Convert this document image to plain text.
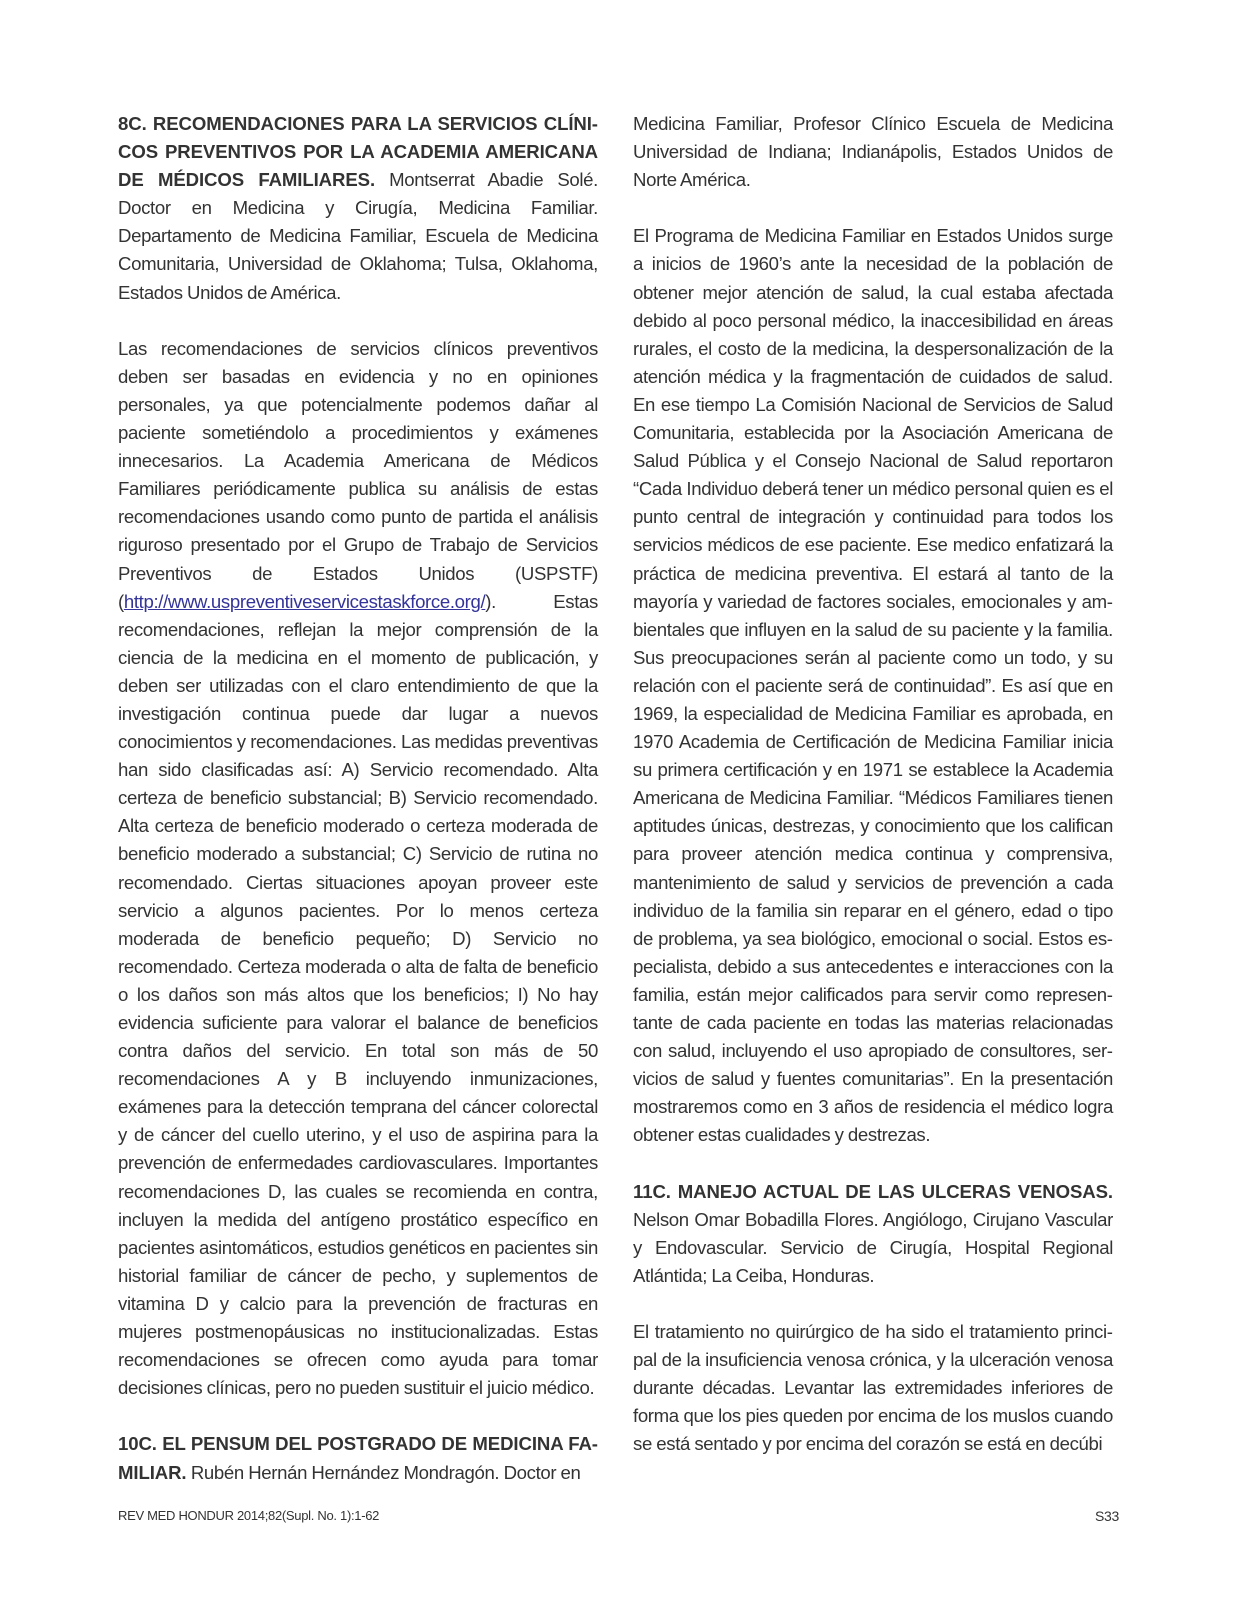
8C. RECOMENDACIONES PARA LA SERVICIOS CLÍNICOS PREVENTIVOS POR LA ACADEMIA AMERICANA DE MÉDICOS FAMILIARES. Montserrat Abadie Solé. Doctor en Medicina y Cirugía, Medicina Familiar. Departamento de Medicina Familiar, Escuela de Medicina Comunitaria, Universidad de Oklahoma; Tulsa, Oklahoma, Estados Unidos de América.

Las recomendaciones de servicios clínicos preventivos deben ser basadas en evidencia y no en opiniones personales, ya que potencialmente podemos dañar al paciente sometiéndolo a procedimientos y exámenes innecesarios. La Academia Americana de Médicos Familiares periódicamente publica su análisis de estas recomendaciones usando como punto de partida el análisis riguroso presentado por el Grupo de Trabajo de Servicios Preventivos de Estados Unidos (USPSTF) (http://www.uspreventiveservicestaskforce.org/). Estas recomendaciones, reflejan la mejor comprensión de la ciencia de la medicina en el momento de publicación, y deben ser utilizadas con el claro entendimiento de que la investigación continua puede dar lugar a nuevos conocimientos y recomendaciones. Las medidas preventivas han sido clasificadas así: A) Servicio recomendado. Alta certeza de beneficio substancial; B) Servicio recomendado. Alta certeza de beneficio moderado o certeza moderada de beneficio moderado a substancial; C) Servicio de rutina no recomendado. Ciertas situaciones apoyan proveer este servicio a algunos pacientes. Por lo menos certeza moderada de beneficio pequeño; D) Servicio no recomendado. Certeza moderada o alta de falta de beneficio o los daños son más altos que los beneficios; I) No hay evidencia suficiente para valorar el balance de beneficios contra daños del servicio. En total son más de 50 recomendaciones A y B incluyendo inmunizaciones, exámenes para la detección temprana del cáncer colorectal y de cáncer del cuello uterino, y el uso de aspirina para la prevención de enfermedades cardiovasculares. Importantes recomendaciones D, las cuales se recomienda en contra, incluyen la medida del antígeno prostático específico en pacientes asintomáticos, estudios genéticos en pacientes sin historial familiar de cáncer de pecho, y suplementos de vitamina D y calcio para la prevención de fracturas en mujeres postmenopáusicas no institucionalizadas. Estas recomendaciones se ofrecen como ayuda para tomar decisiones clínicas, pero no pueden sustituir el juicio médico.

10C. EL PENSUM DEL POSTGRADO DE MEDICINA FAMILIAR. Rubén Hernán Hernández Mondragón. Doctor en

Medicina Familiar, Profesor Clínico Escuela de Medicina Universidad de Indiana; Indianápolis, Estados Unidos de Norte América.

El Programa de Medicina Familiar en Estados Unidos surge a inicios de 1960’s ante la necesidad de la población de obtener mejor atención de salud, la cual estaba afectada debido al poco personal médico, la inaccesibilidad en áreas rurales, el costo de la medicina, la despersonalización de la atención médica y la fragmentación de cuidados de salud. En ese tiempo La Comisión Nacional de Servicios de Salud Comunitaria, establecida por la Asociación Americana de Salud Pública y el Consejo Nacional de Salud reportaron “Cada Individuo deberá tener un médico personal quien es el punto central de integración y continuidad para todos los servicios médicos de ese paciente. Ese medico enfatizará la práctica de medicina preventiva. El estará al tanto de la mayoría y variedad de factores sociales, emocionales y ambientales que influyen en la salud de su paciente y la familia. Sus preocupaciones serán al paciente como un todo, y su relación con el paciente será de continuidad”. Es así que en 1969, la especialidad de Medicina Familiar es aprobada, en 1970 Academia de Certificación de Medicina Familiar inicia su primera certificación y en 1971 se establece la Academia Americana de Medicina Familiar. “Médicos Familiares tienen aptitudes únicas, destrezas, y conocimiento que los califican para proveer atención medica continua y comprensiva, mantenimiento de salud y servicios de prevención a cada individuo de la familia sin reparar en el género, edad o tipo de problema, ya sea biológico, emocional o social. Estos especialista, debido a sus antecedentes e interacciones con la familia, están mejor calificados para servir como representante de cada paciente en todas las materias relacionadas con salud, incluyendo el uso apropiado de consultores, servicios de salud y fuentes comunitarias”. En la presentación mostraremos como en 3 años de residencia el médico logra obtener estas cualidades y destrezas.

11C. MANEJO ACTUAL DE LAS ULCERAS VENOSAS. Nelson Omar Bobadilla Flores. Angiólogo, Cirujano Vascular y Endovascular. Servicio de Cirugía, Hospital Regional Atlántida; La Ceiba, Honduras.

El tratamiento no quirúrgico de ha sido el tratamiento principal de la insuficiencia venosa crónica, y la ulceración venosa durante décadas. Levantar las extremidades inferiores de forma que los pies queden por encima de los muslos cuando se está sentado y por encima del corazón se está en decúbi

REV MED HONDUR 2014;82(Supl. No. 1):1-62	S33
